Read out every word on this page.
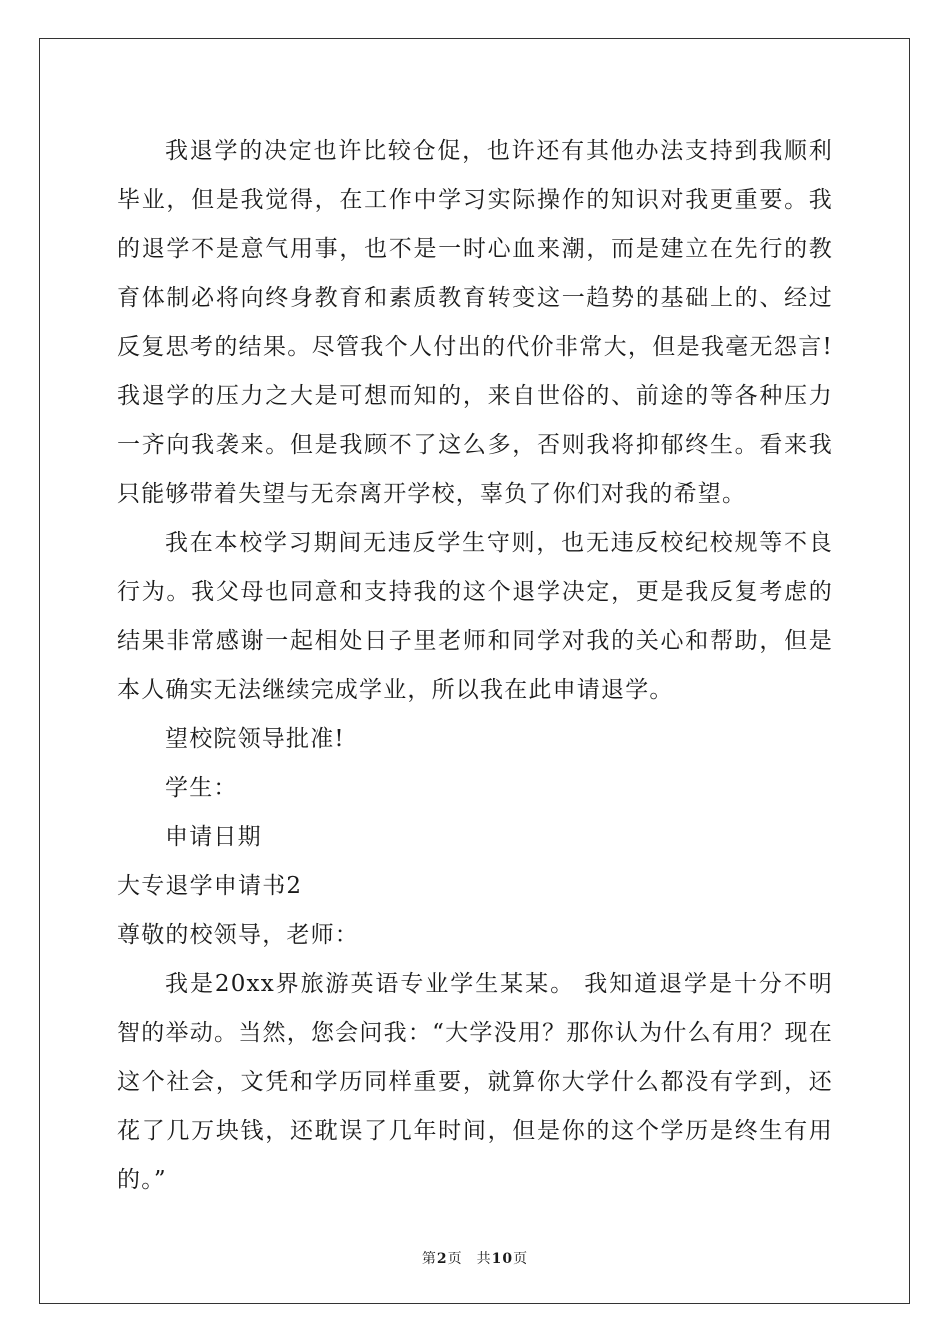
我退学的决定也许比较仓促，也许还有其他办法支持到我顺利毕业，但是我觉得，在工作中学习实际操作的知识对我更重要。我的退学不是意气用事，也不是一时心血来潮，而是建立在先行的教育体制必将向终身教育和素质教育转变这一趋势的基础上的、经过反复思考的结果。尽管我个人付出的代价非常大，但是我毫无怨言!我退学的压力之大是可想而知的，来自世俗的、前途的等各种压力一齐向我袭来。但是我顾不了这么多，否则我将抑郁终生。看来我只能够带着失望与无奈离开学校，辜负了你们对我的希望。

我在本校学习期间无违反学生守则，也无违反校纪校规等不良行为。我父母也同意和支持我的这个退学决定，更是我反复考虑的结果非常感谢一起相处日子里老师和同学对我的关心和帮助，但是本人确实无法继续完成学业，所以我在此申请退学。

望校院领导批准!

学生：

申请日期

大专退学申请书2

尊敬的校领导，老师：

我是20xx界旅游英语专业学生某某。 我知道退学是十分不明智的举动。当然，您会问我：“大学没用？那你认为什么有用？现在这个社会，文凭和学历同样重要，就算你大学什么都没有学到，还花了几万块钱，还耽误了几年时间，但是你的这个学历是终生有用的。”

第2页 共10页
